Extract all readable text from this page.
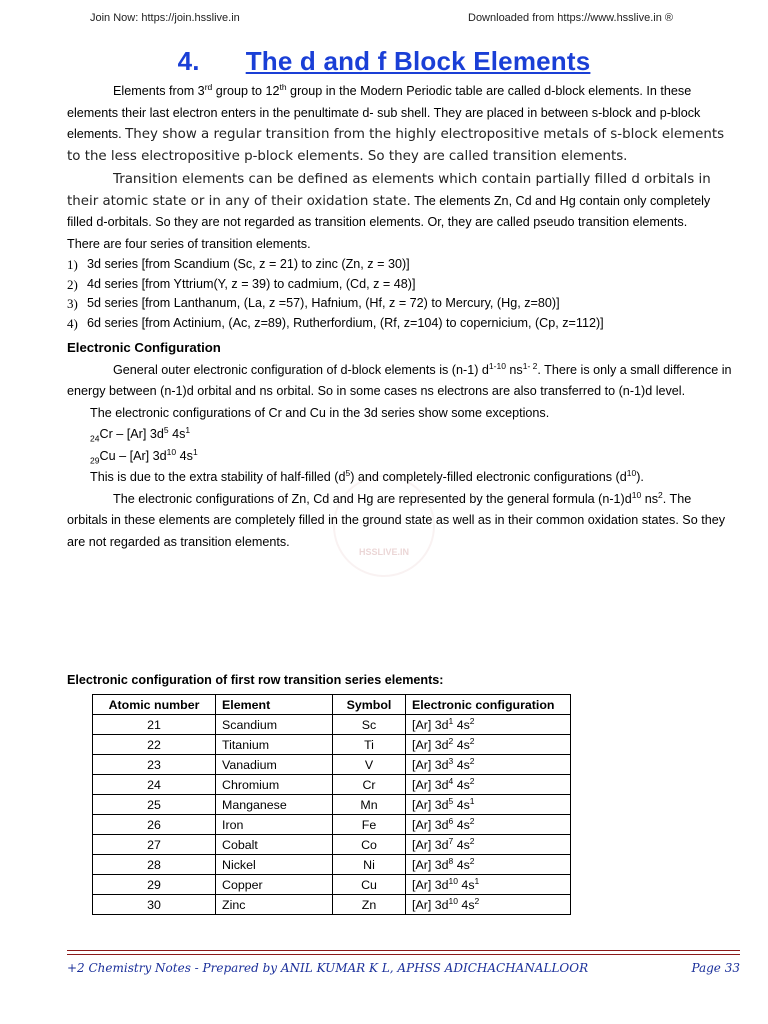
Join Now: https://join.hsslive.in	Downloaded from https://www.hsslive.in ®
4. The d and f Block Elements
HSSLIVE.IN

Elements from 3rd group to 12th group in the Modern Periodic table are called d-block elements. In these elements their last electron enters in the penultimate d- sub shell. They are placed in between s-block and p-block elements. They show a regular transition from the highly electropositive metals of s-block elements to the less electropositive p-block elements. So they are called transition elements.

Transition elements can be defined as elements which contain partially filled d orbitals in their atomic state or in any of their oxidation state. The elements Zn, Cd and Hg contain only completely filled d-orbitals. So they are not regarded as transition elements. Or, they are called pseudo transition elements.

There are four series of transition elements.

1) 3d series [from Scandium (Sc, z = 21) to zinc (Zn, z = 30)]
2) 4d series [from Yttrium(Y, z = 39) to cadmium, (Cd, z = 48)]
3) 5d series [from Lanthanum, (La, z =57), Hafnium, (Hf, z = 72) to Mercury, (Hg, z=80)]
4) 6d series [from Actinium, (Ac, z=89), Rutherfordium, (Rf, z=104) to copernicium, (Cp, z=112)]

Electronic Configuration

General outer electronic configuration of d-block elements is (n-1) $d^{1-10}$ $ns^{1- 2}$. There is only a small difference in energy between (n-1)d orbital and ns orbital. So in some cases ns electrons are also transferred to (n-1)d level.

The electronic configurations of Cr and Cu in the 3d series show some exceptions.

$_{24}$Cr – [Ar] $3d^5$ $4s^1$

$_{29}$Cu – [Ar] $3d^{10}$ $4s^1$

This is due to the extra stability of half-filled $(d^5)$ and completely-filled electronic configurations $(d^{10})$.

The electronic configurations of Zn, Cd and Hg are represented by the general formula $(n-1)d^{10}$ $ns^2$. The orbitals in these elements are completely filled in the ground state as well as in their common oxidation states. So they are not regarded as transition elements.

Electronic configuration of first row transition series elements:
Atomic number	Element	Symbol	Electronic configuration
21	Scandium	Sc	[Ar] $3d^1$ $4s^2$
22	Titanium	Ti	[Ar] $3d^2$ $4s^2$
23	Vanadium	V	[Ar] $3d^3$ $4s^2$
24	Chromium	Cr	[Ar] $3d^4$ $4s^2$
25	Manganese	Mn	[Ar] $3d^5$ $4s^1$
26	Iron	Fe	[Ar] $3d^6$ $4s^2$
27	Cobalt	Co	[Ar] $3d^7$ $4s^2$
28	Nickel	Ni	[Ar] $3d^8$ $4s^2$
29	Copper	Cu	[Ar] $3d^{10}$ $4s^1$
30	Zinc	Zn	[Ar] $3d^{10}$ $4s^2$
+2 Chemistry Notes - Prepared by ANIL KUMAR K L, APHSS ADICHACHANALLOOR	Page 33
